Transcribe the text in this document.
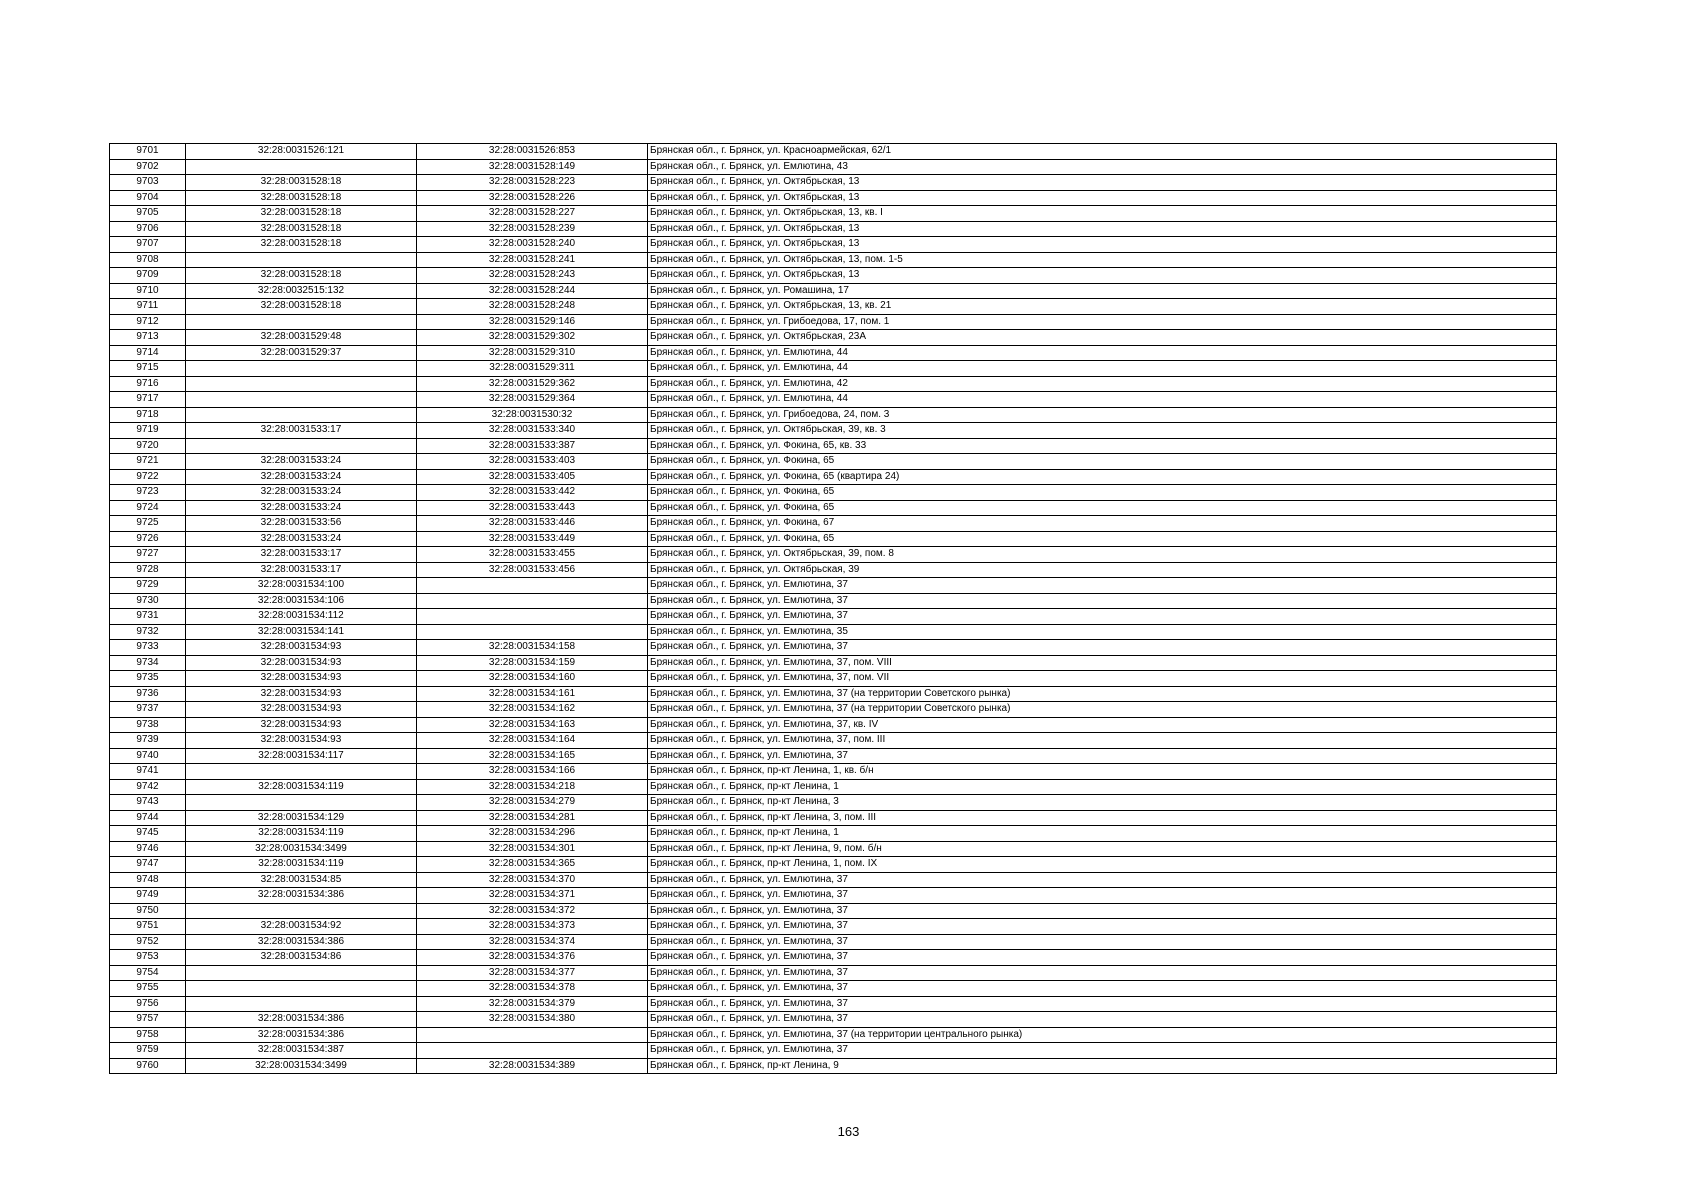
9701	32:28:0031526:121	32:28:0031526:853	Брянская обл., г. Брянск, ул. Красноармейская, 62/1
9702		32:28:0031528:149	Брянская обл., г. Брянск, ул. Емлютина, 43
9703	32:28:0031528:18	32:28:0031528:223	Брянская обл., г. Брянск, ул. Октябрьская, 13
9704	32:28:0031528:18	32:28:0031528:226	Брянская обл., г. Брянск, ул. Октябрьская, 13
9705	32:28:0031528:18	32:28:0031528:227	Брянская обл., г. Брянск, ул. Октябрьская, 13, кв. I
9706	32:28:0031528:18	32:28:0031528:239	Брянская обл., г. Брянск, ул. Октябрьская, 13
9707	32:28:0031528:18	32:28:0031528:240	Брянская обл., г. Брянск, ул. Октябрьская, 13
9708		32:28:0031528:241	Брянская обл., г. Брянск, ул. Октябрьская, 13, пом. 1-5
9709	32:28:0031528:18	32:28:0031528:243	Брянская обл., г. Брянск, ул. Октябрьская, 13
9710	32:28:0032515:132	32:28:0031528:244	Брянская обл., г. Брянск, ул. Ромашина, 17
9711	32:28:0031528:18	32:28:0031528:248	Брянская обл., г. Брянск, ул. Октябрьская, 13, кв. 21
9712		32:28:0031529:146	Брянская обл., г. Брянск, ул. Грибоедова, 17, пом. 1
9713	32:28:0031529:48	32:28:0031529:302	Брянская обл., г. Брянск, ул. Октябрьская, 23А
9714	32:28:0031529:37	32:28:0031529:310	Брянская обл., г. Брянск, ул. Емлютина, 44
9715		32:28:0031529:311	Брянская обл., г. Брянск, ул. Емлютина, 44
9716		32:28:0031529:362	Брянская обл., г. Брянск, ул. Емлютина, 42
9717		32:28:0031529:364	Брянская обл., г. Брянск, ул. Емлютина, 44
9718		32:28:0031530:32	Брянская обл., г. Брянск, ул. Грибоедова, 24, пом. 3
9719	32:28:0031533:17	32:28:0031533:340	Брянская обл., г. Брянск, ул. Октябрьская, 39, кв. 3
9720		32:28:0031533:387	Брянская обл., г. Брянск, ул. Фокина, 65, кв. 33
9721	32:28:0031533:24	32:28:0031533:403	Брянская обл., г. Брянск, ул. Фокина, 65
9722	32:28:0031533:24	32:28:0031533:405	Брянская обл., г. Брянск, ул. Фокина, 65 (квартира 24)
9723	32:28:0031533:24	32:28:0031533:442	Брянская обл., г. Брянск, ул. Фокина, 65
9724	32:28:0031533:24	32:28:0031533:443	Брянская обл., г. Брянск, ул. Фокина, 65
9725	32:28:0031533:56	32:28:0031533:446	Брянская обл., г. Брянск, ул. Фокина, 67
9726	32:28:0031533:24	32:28:0031533:449	Брянская обл., г. Брянск, ул. Фокина, 65
9727	32:28:0031533:17	32:28:0031533:455	Брянская обл., г. Брянск, ул. Октябрьская, 39, пом. 8
9728	32:28:0031533:17	32:28:0031533:456	Брянская обл., г. Брянск, ул. Октябрьская, 39
9729	32:28:0031534:100		Брянская обл., г. Брянск, ул. Емлютина, 37
9730	32:28:0031534:106		Брянская обл., г. Брянск, ул. Емлютина, 37
9731	32:28:0031534:112		Брянская обл., г. Брянск, ул. Емлютина, 37
9732	32:28:0031534:141		Брянская обл., г. Брянск, ул. Емлютина, 35
9733	32:28:0031534:93	32:28:0031534:158	Брянская обл., г. Брянск, ул. Емлютина, 37
9734	32:28:0031534:93	32:28:0031534:159	Брянская обл., г. Брянск, ул. Емлютина, 37, пом. VIII
9735	32:28:0031534:93	32:28:0031534:160	Брянская обл., г. Брянск, ул. Емлютина, 37, пом. VII
9736	32:28:0031534:93	32:28:0031534:161	Брянская обл., г. Брянск, ул. Емлютина, 37 (на территории Советского рынка)
9737	32:28:0031534:93	32:28:0031534:162	Брянская обл., г. Брянск, ул. Емлютина, 37 (на территории Советского рынка)
9738	32:28:0031534:93	32:28:0031534:163	Брянская обл., г. Брянск, ул. Емлютина, 37, кв. IV
9739	32:28:0031534:93	32:28:0031534:164	Брянская обл., г. Брянск, ул. Емлютина, 37, пом. III
9740	32:28:0031534:117	32:28:0031534:165	Брянская обл., г. Брянск, ул. Емлютина, 37
9741		32:28:0031534:166	Брянская обл., г. Брянск, пр-кт Ленина, 1, кв. б/н
9742	32:28:0031534:119	32:28:0031534:218	Брянская обл., г. Брянск, пр-кт Ленина, 1
9743		32:28:0031534:279	Брянская обл., г. Брянск, пр-кт Ленина, 3
9744	32:28:0031534:129	32:28:0031534:281	Брянская обл., г. Брянск, пр-кт Ленина, 3, пом. III
9745	32:28:0031534:119	32:28:0031534:296	Брянская обл., г. Брянск, пр-кт Ленина, 1
9746	32:28:0031534:3499	32:28:0031534:301	Брянская обл., г. Брянск, пр-кт Ленина, 9, пом. б/н
9747	32:28:0031534:119	32:28:0031534:365	Брянская обл., г. Брянск, пр-кт Ленина, 1, пом. IX
9748	32:28:0031534:85	32:28:0031534:370	Брянская обл., г. Брянск, ул. Емлютина, 37
9749	32:28:0031534:386	32:28:0031534:371	Брянская обл., г. Брянск, ул. Емлютина, 37
9750		32:28:0031534:372	Брянская обл., г. Брянск, ул. Емлютина, 37
9751	32:28:0031534:92	32:28:0031534:373	Брянская обл., г. Брянск, ул. Емлютина, 37
9752	32:28:0031534:386	32:28:0031534:374	Брянская обл., г. Брянск, ул. Емлютина, 37
9753	32:28:0031534:86	32:28:0031534:376	Брянская обл., г. Брянск, ул. Емлютина, 37
9754		32:28:0031534:377	Брянская обл., г. Брянск, ул. Емлютина, 37
9755		32:28:0031534:378	Брянская обл., г. Брянск, ул. Емлютина, 37
9756		32:28:0031534:379	Брянская обл., г. Брянск, ул. Емлютина, 37
9757	32:28:0031534:386	32:28:0031534:380	Брянская обл., г. Брянск, ул. Емлютина, 37
9758	32:28:0031534:386		Брянская обл., г. Брянск, ул. Емлютина, 37 (на территории центрального рынка)
9759	32:28:0031534:387		Брянская обл., г. Брянск, ул. Емлютина, 37
9760	32:28:0031534:3499	32:28:0031534:389	Брянская обл., г. Брянск, пр-кт Ленина, 9
163
